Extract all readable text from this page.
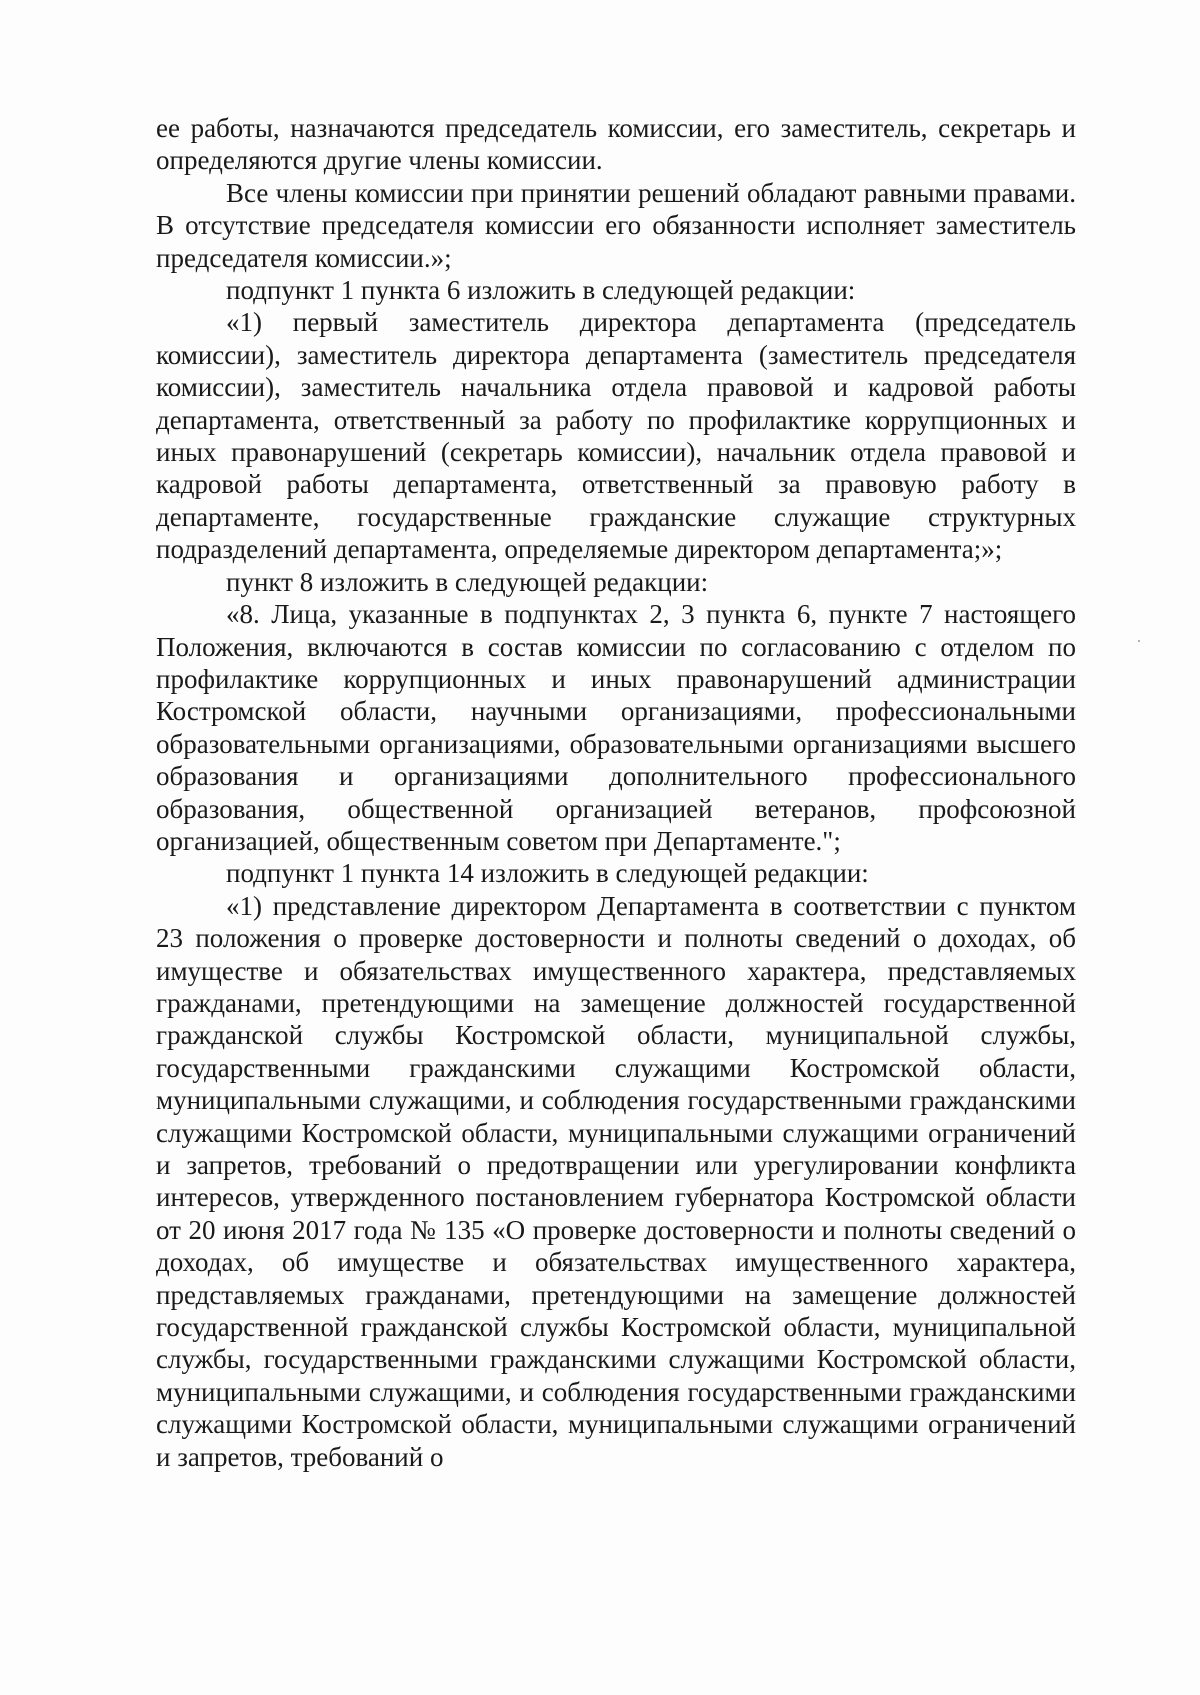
ее работы, назначаются председатель комиссии, его заместитель, секретарь и определяются другие члены комиссии.

Все члены комиссии при принятии решений обладают равными правами. В отсутствие председателя комиссии его обязанности исполняет заместитель председателя комиссии.»;

подпункт 1 пункта 6 изложить в следующей редакции:

«1) первый заместитель директора департамента (председатель комиссии), заместитель директора департамента (заместитель председателя комиссии), заместитель начальника отдела правовой и кадровой работы департамента, ответственный за работу по профилактике коррупционных и иных правонарушений (секретарь комиссии), начальник отдела правовой и кадровой работы департамента, ответственный за правовую работу в департаменте, государственные гражданские служащие структурных подразделений департамента, определяемые директором департамента;»;

пункт 8 изложить в следующей редакции:

«8. Лица, указанные в подпунктах 2, 3 пункта 6, пункте 7 настоящего Положения, включаются в состав комиссии по согласованию с отделом по профилактике коррупционных и иных правонарушений администрации Костромской области, научными организациями, профессиональными образовательными организациями, образовательными организациями высшего образования и организациями дополнительного профессионального образования, общественной организацией ветеранов, профсоюзной организацией, общественным советом при Департаменте.";

подпункт 1 пункта 14 изложить в следующей редакции:

«1) представление директором Департамента в соответствии с пунктом 23 положения о проверке достоверности и полноты сведений о доходах, об имуществе и обязательствах имущественного характера, представляемых гражданами, претендующими на замещение должностей государственной гражданской службы Костромской области, муниципальной службы, государственными гражданскими служащими Костромской области, муниципальными служащими, и соблюдения государственными гражданскими служащими Костромской области, муниципальными служащими ограничений и запретов, требований о предотвращении или урегулировании конфликта интересов, утвержденного постановлением губернатора Костромской области от 20 июня 2017 года № 135 «О проверке достоверности и полноты сведений о доходах, об имуществе и обязательствах имущественного характера, представляемых гражданами, претендующими на замещение должностей государственной гражданской службы Костромской области, муниципальной службы, государственными гражданскими служащими Костромской области, муниципальными служащими, и соблюдения государственными гражданскими служащими Костромской области, муниципальными служащими ограничений и запретов, требований о
